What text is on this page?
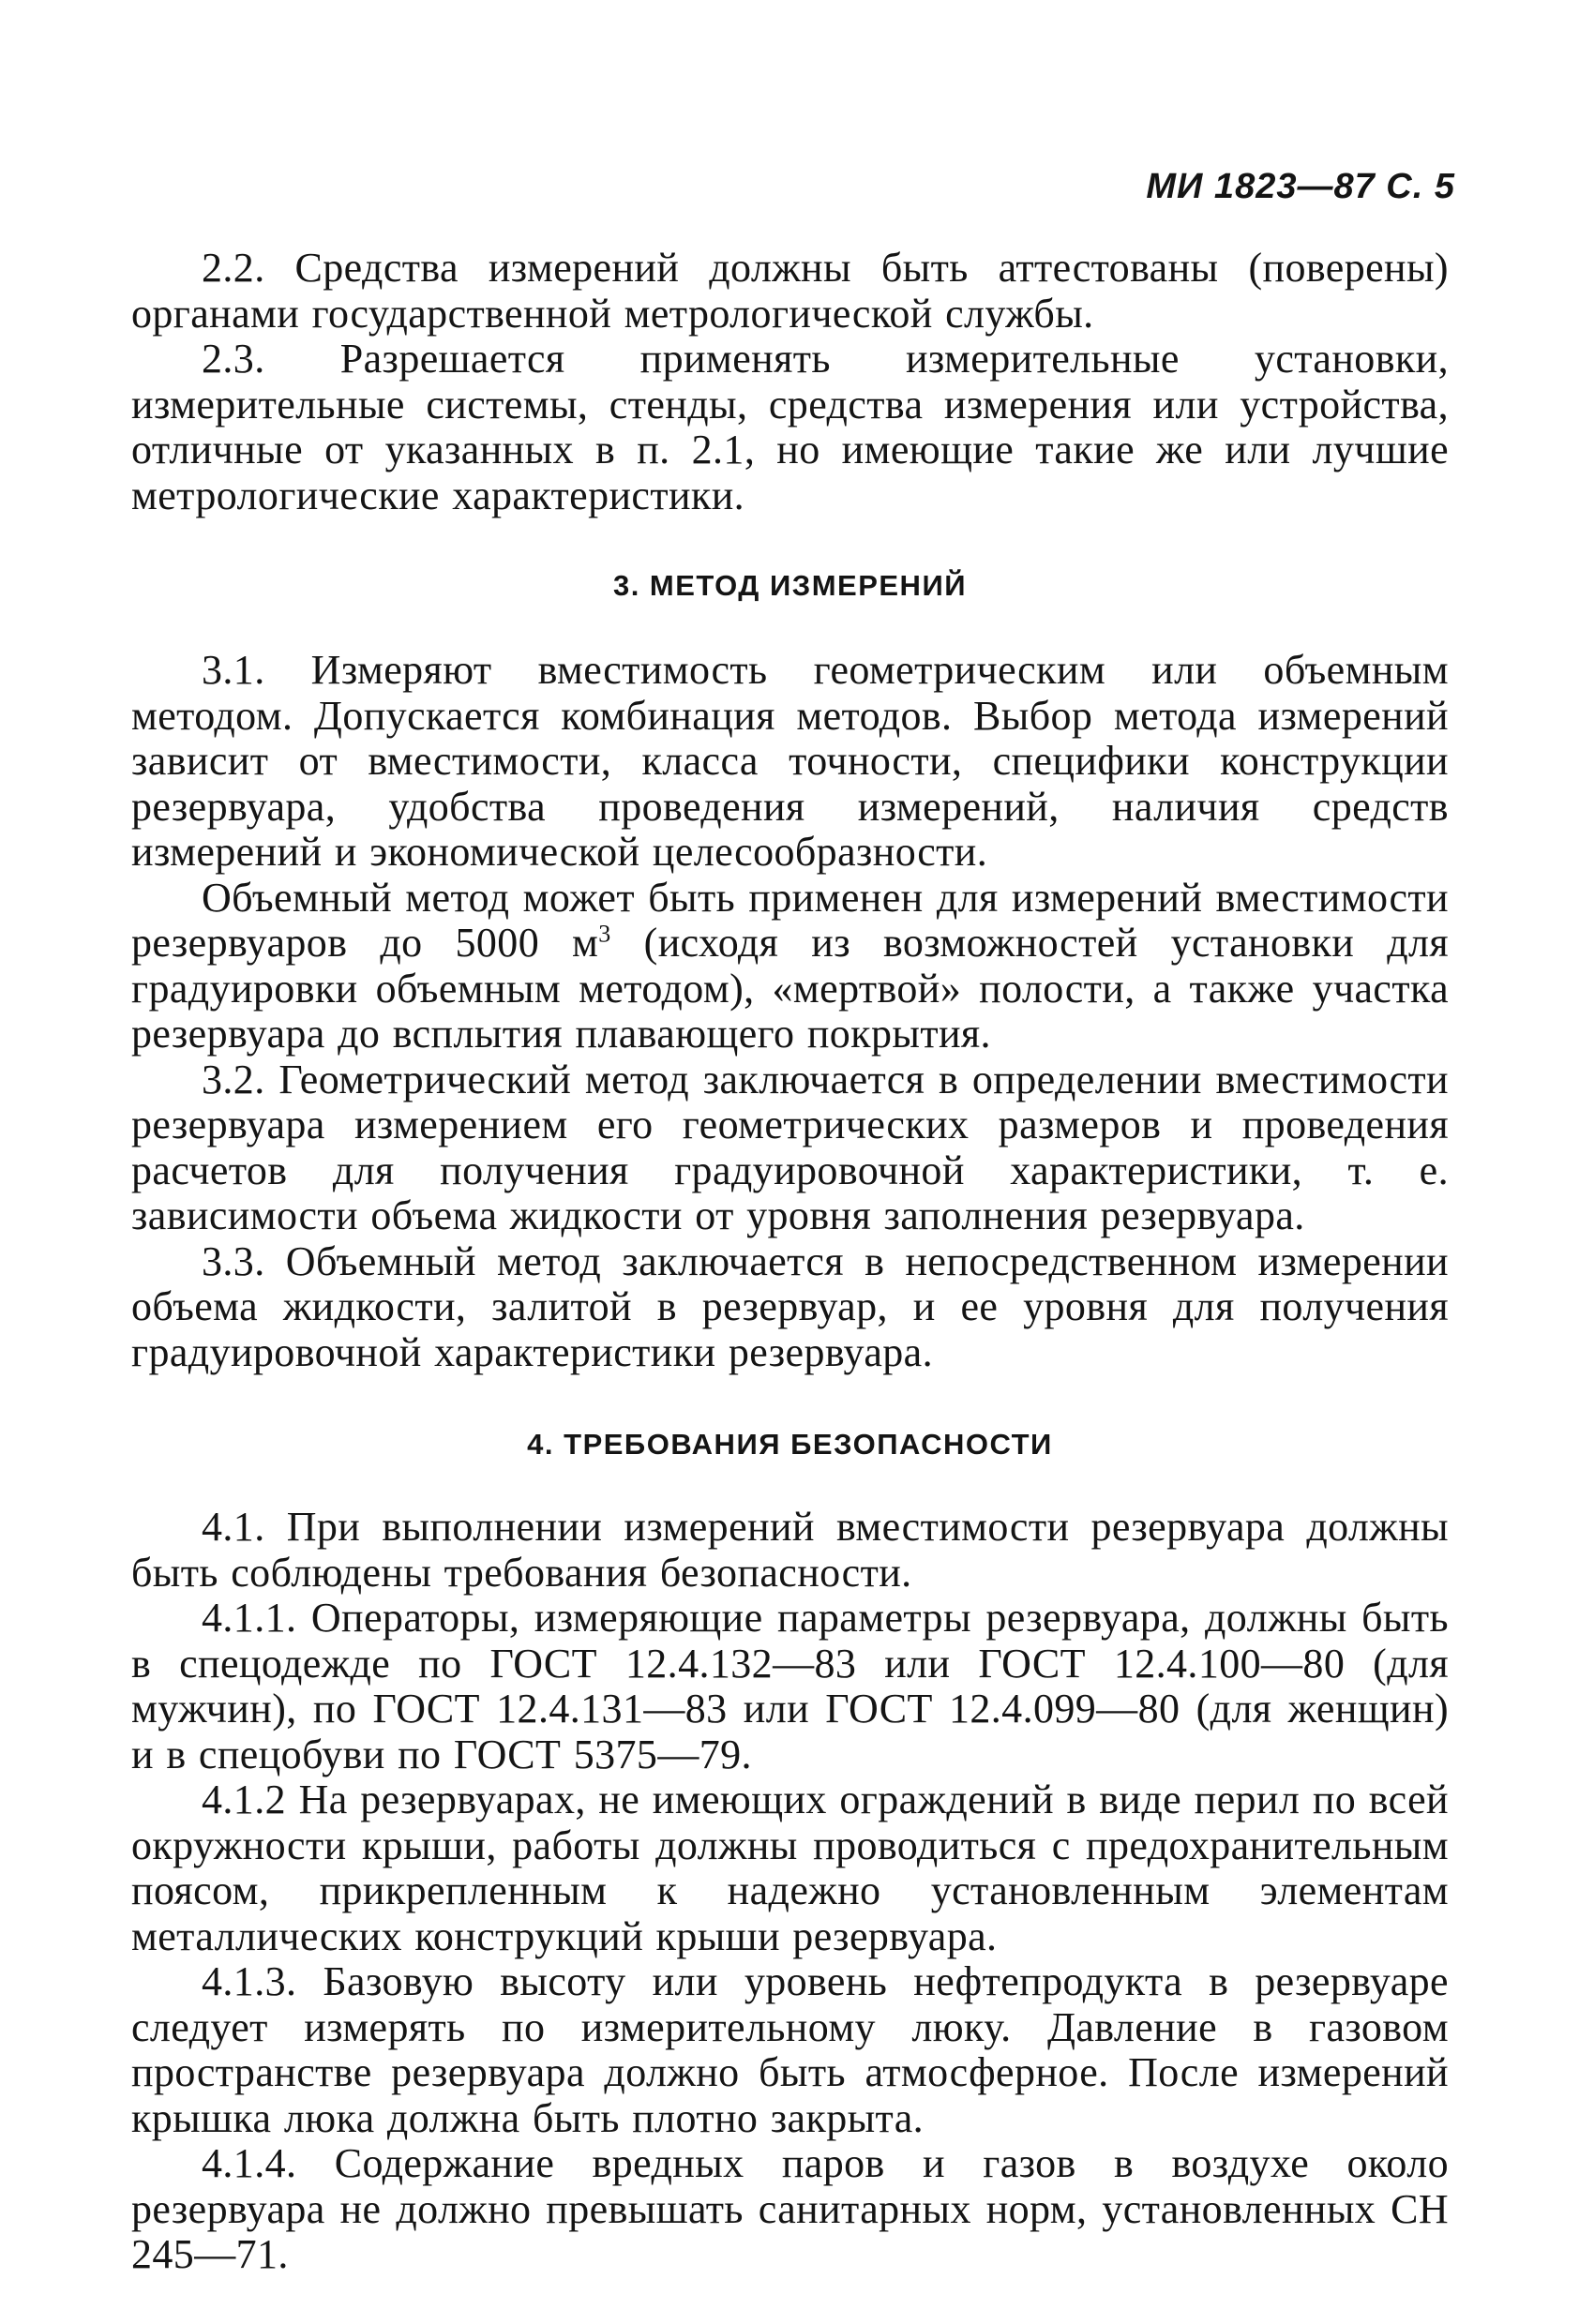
МИ 1823—87 С. 5

2.2. Средства измерений должны быть аттестованы (поверены) органами государственной метрологической службы.

2.3. Разрешается применять измерительные установки, измерительные системы, стенды, средства измерения или устройства, отличные от указанных в п. 2.1, но имеющие такие же или лучшие метрологические характеристики.

3. МЕТОД ИЗМЕРЕНИЙ

3.1. Измеряют вместимость геометрическим или объемным методом. Допускается комбинация методов. Выбор метода измерений зависит от вместимости, класса точности, специфики конструкции резервуара, удобства проведения измерений, наличия средств измерений и экономической целесообразности.

Объемный метод может быть применен для измерений вместимости резервуаров до 5000 $м^3$ (исходя из возможностей установки для градуировки объемным методом), «мертвой» полости, а также участка резервуара до всплытия плавающего покрытия.

3.2. Геометрический метод заключается в определении вместимости резервуара измерением его геометрических размеров и проведения расчетов для получения градуировочной характеристики, т. е. зависимости объема жидкости от уровня заполнения резервуара.

3.3. Объемный метод заключается в непосредственном измерении объема жидкости, залитой в резервуар, и ее уровня для получения градуировочной характеристики резервуара.

4. ТРЕБОВАНИЯ БЕЗОПАСНОСТИ

4.1. При выполнении измерений вместимости резервуара должны быть соблюдены требования безопасности.

4.1.1. Операторы, измеряющие параметры резервуара, должны быть в спецодежде по ГОСТ 12.4.132—83 или ГОСТ 12.4.100—80 (для мужчин), по ГОСТ 12.4.131—83 или ГОСТ 12.4.099—80 (для женщин) и в спецобуви по ГОСТ 5375—79.

4.1.2 На резервуарах, не имеющих ограждений в виде перил по всей окружности крыши, работы должны проводиться с предохранительным поясом, прикрепленным к надежно установленным элементам металлических конструкций крыши резервуара.

4.1.3. Базовую высоту или уровень нефтепродукта в резервуаре следует измерять по измерительному люку. Давление в газовом пространстве резервуара должно быть атмосферное. После измерений крышка люка должна быть плотно закрыта.

4.1.4. Содержание вредных паров и газов в воздухе около резервуара не должно превышать санитарных норм, установленных СН 245—71.
